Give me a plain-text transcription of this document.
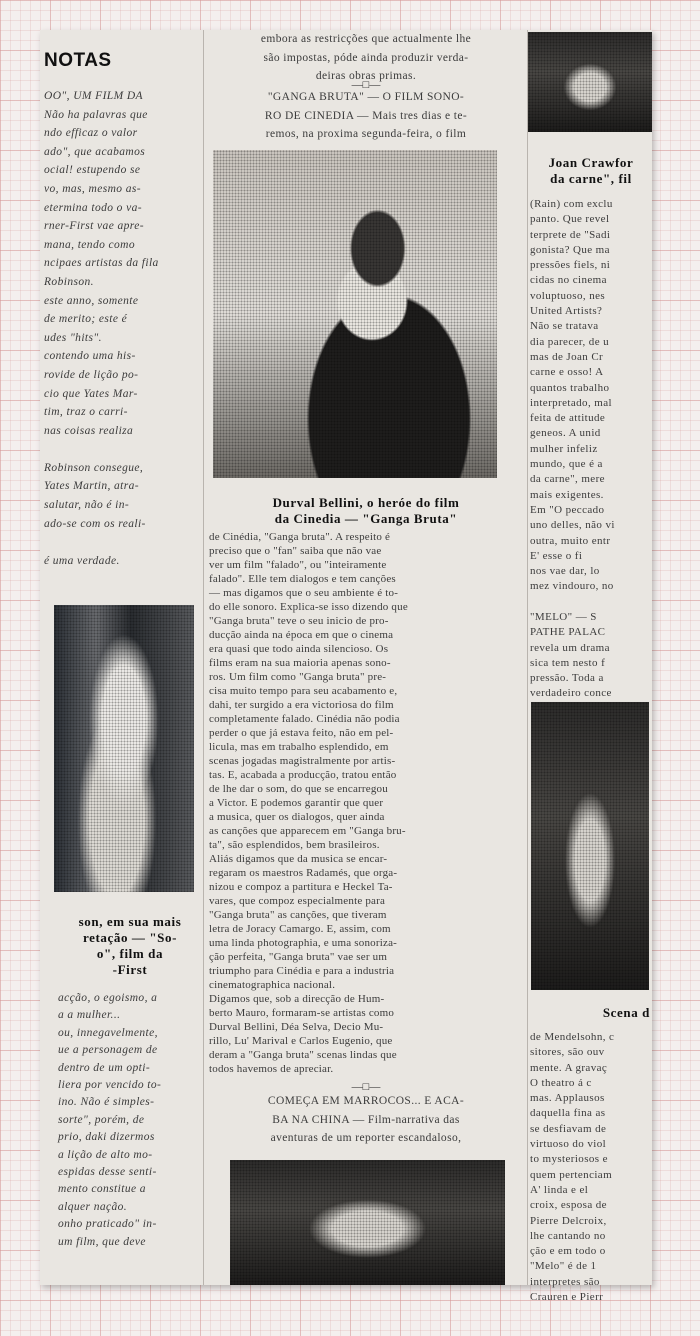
NOTAS
OO", UM FILM DA
Não ha palavras que
ndo efficaz o valor
ado", que acabamos
ocial! estupendo se
vo, mas, mesmo as-
etermina todo o va-
rner-First vae apre-
mana, tendo como
ncipaes artistas da fila
Robinson.
este anno, somente
de merito; este é
udes "hits".
contendo uma his-
rovide de lição po-
cio que Yates Mar-
tim, traz o carri-
nas coisas realiza

Robinson consegue,
Yates Martin, atra-
salutar, não é in-
ado-se com os reali-

é uma verdade.
son, em sua mais
retação — "So-
o", film da
-First
acção, o egoismo, a
a a mulher...
ou, innegavelmente,
ue a personagem de
dentro de um opti-
liera por vencido to-
ino. Não é simples-
sorte", porém, de
prio, daki dizermos
a lição de alto mo-
espidas desse senti-
mento constitue a
alquer nação.
onho praticado" in-
um film, que deve
embora as restricções que actualmente lhe
são impostas, póde ainda produzir verda-
deiras obras primas.
—□—
"GANGA BRUTA" — O FILM SONO-
RO DE CINEDIA — Mais tres dias e te-
remos, na proxima segunda-feira, o film
Durval Bellini, o heróe do film
da Cinedia — "Ganga Bruta"
de Cinédia, "Ganga bruta". A respeito é
preciso que o "fan" saiba que não vae
ver um film "falado", ou "inteiramente
falado". Elle tem dialogos e tem canções
— mas digamos que o seu ambiente é to-
do elle sonoro. Explica-se isso dizendo que
"Ganga bruta" teve o seu inicio de pro-
ducção ainda na época em que o cinema
era quasi que todo ainda silencioso. Os
films eram na sua maioria apenas sono-
ros. Um film como "Ganga bruta" pre-
cisa muito tempo para seu acabamento e,
dahi, ter surgido a era victoriosa do film
completamente falado. Cinédia não podia
perder o que já estava feito, não em pel-
licula, mas em trabalho esplendido, em
scenas jogadas magistralmente por artis-
tas. E, acabada a producção, tratou então
de lhe dar o som, do que se encarregou
a Victor. E podemos garantir que quer
a musica, quer os dialogos, quer ainda
as canções que apparecem em "Ganga bru-
ta", são esplendidos, bem brasileiros.
Aliás digamos que da musica se encar-
regaram os maestros Radamés, que orga-
nizou e compoz a partitura e Heckel Ta-
vares, que compoz especialmente para
"Ganga bruta" as canções, que tiveram
letra de Joracy Camargo. E, assim, com
uma linda photographia, e uma sonoriza-
ção perfeita, "Ganga bruta" vae ser um
triumpho para Cinédia e para a industria
cinematographica nacional.
Digamos que, sob a direcção de Hum-
berto Mauro, formaram-se artistas como
Durval Bellini, Déa Selva, Decio Mu-
rillo, Lu' Marival e Carlos Eugenio, que
deram a "Ganga bruta" scenas lindas que
todos havemos de apreciar.
—□—
COMEÇA EM MARROCOS... E ACA-
BA NA CHINA — Film-narrativa das
aventuras de um reporter escandaloso,
Joan Crawfor
da carne", fil
(Rain) com exclu
panto. Que revel
terprete de "Sadi
gonista? Que ma
pressões fiels, ni
cidas no cinema
voluptuoso, nes
United Artists?
Não se tratava
dia parecer, de u
mas de Joan Cr
carne e osso! A
quantos trabalho
interpretado, mal
feita de attitude
geneos. A unid
mulher infeliz
mundo, que é a
da carne", mere
mais exigentes.
Em "O peccado
uno delles, não vi
outra, muito entr
E' esse o fi
nos vae dar, lo
mez vindouro, no
"MELO" — S
PATHE PALAC
revela um drama
sica tem nesto f
pressão. Toda a
verdadeiro conce
Scena d
de Mendelsohn, c
sitores, são ouv
mente. A gravaç
O theatro á c
mas. Applausos
daquella fina as
se desfiavam de
virtuoso do viol
to mysteriosos e
quem pertenciam
A' linda e el
croix, esposa de
Pierre Delcroix,
lhe cantando no
ção e em todo o
"Melo" é de 1
interpretes são
Crauren e Pierr
